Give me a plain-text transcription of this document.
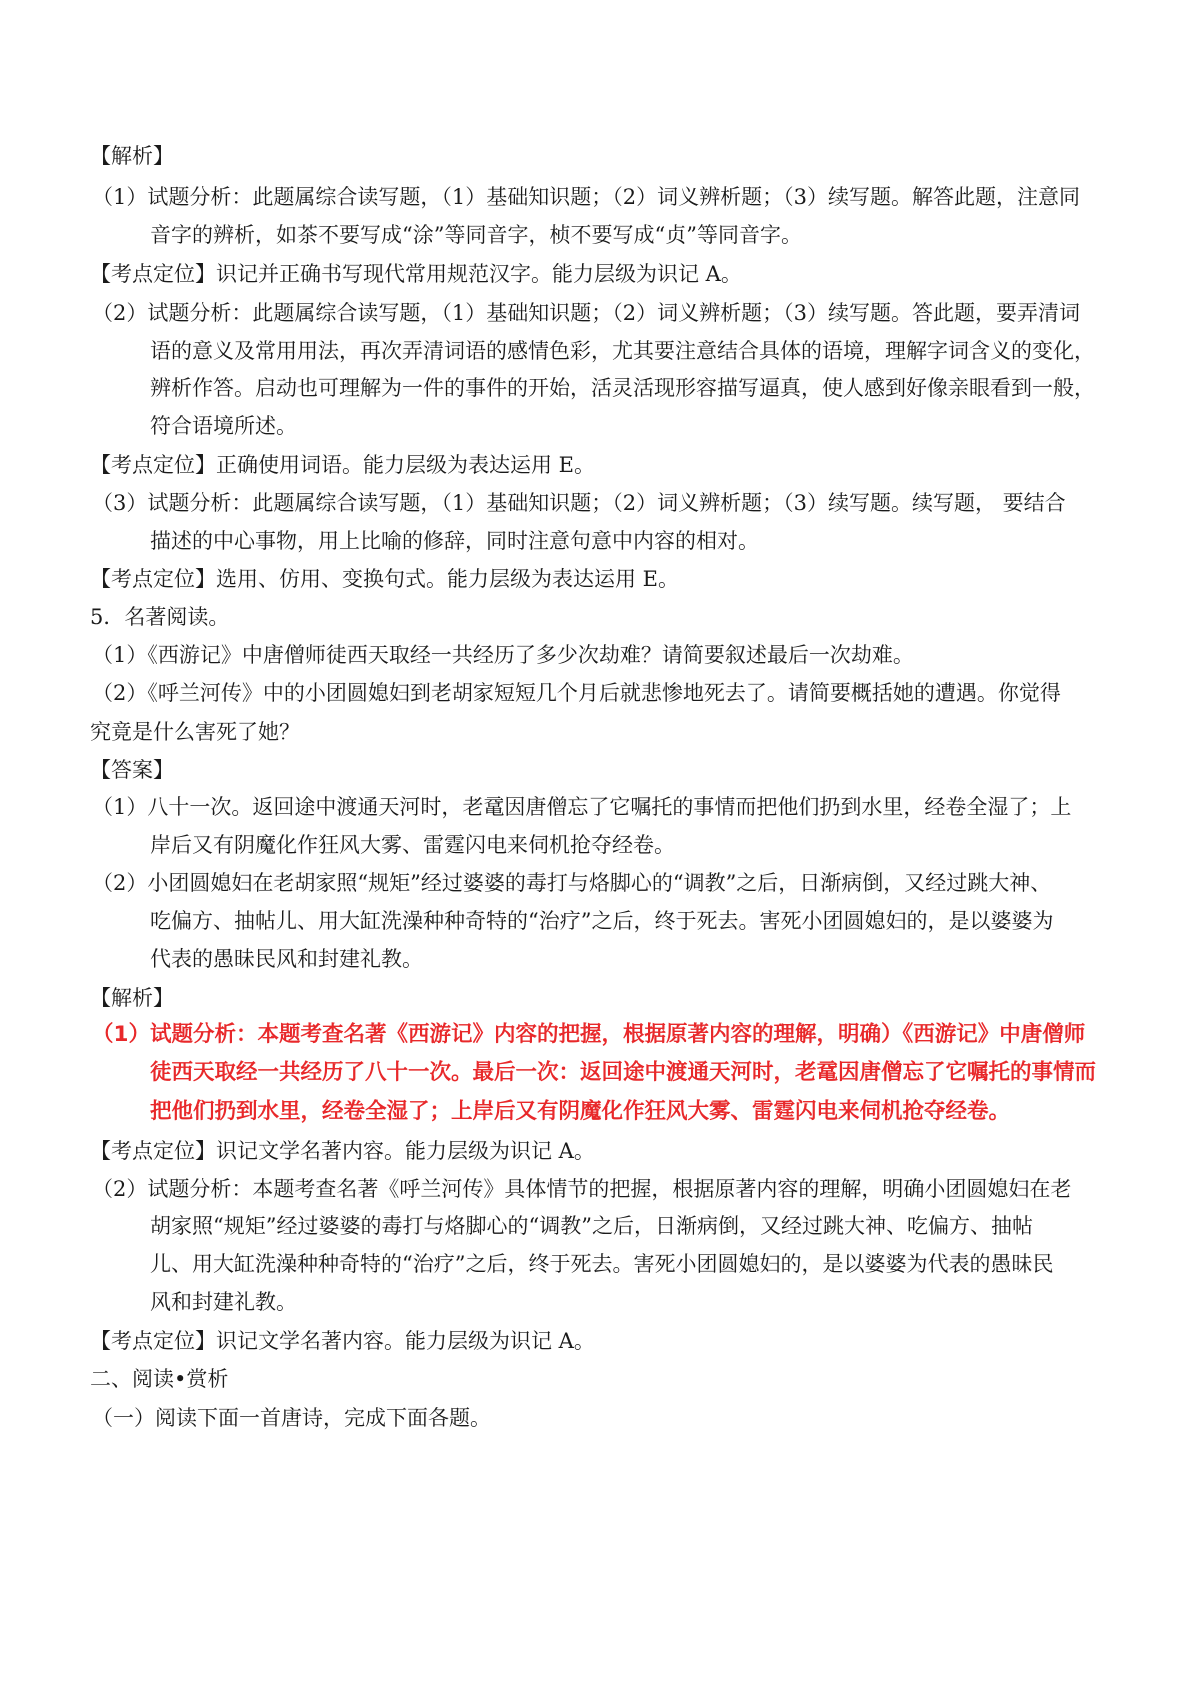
【解析】
（1）试题分析：此题属综合读写题，（1）基础知识题；（2）词义辨析题；（3）续写题。解答此题，注意同
音字的辨析，如茶不要写成“涂”等同音字，桢不要写成“贞”等同音字。
【考点定位】识记并正确书写现代常用规范汉字。能力层级为识记 A。
（2）试题分析：此题属综合读写题，（1）基础知识题；（2）词义辨析题；（3）续写题。答此题，要弄清词
语的意义及常用用法，再次弄清词语的感情色彩，尤其要注意结合具体的语境，理解字词含义的变化，
辨析作答。启动也可理解为一件的事件的开始，活灵活现形容描写逼真，使人感到好像亲眼看到一般，
符合语境所述。
【考点定位】正确使用词语。能力层级为表达运用 E。
（3）试题分析：此题属综合读写题，（1）基础知识题；（2）词义辨析题；（3）续写题。续写题， 要结合
描述的中心事物，用上比喻的修辞，同时注意句意中内容的相对。
【考点定位】选用、仿用、变换句式。能力层级为表达运用 E。
5．名著阅读。
（1）《西游记》中唐僧师徒西天取经一共经历了多少次劫难？请简要叙述最后一次劫难。
（2）《呼兰河传》中的小团圆媳妇到老胡家短短几个月后就悲惨地死去了。请简要概括她的遭遇。你觉得
究竟是什么害死了她？
【答案】
（1）八十一次。返回途中渡通天河时，老鼋因唐僧忘了它嘱托的事情而把他们扔到水里，经卷全湿了；上
岸后又有阴魔化作狂风大雾、雷霆闪电来伺机抢夺经卷。
（2）小团圆媳妇在老胡家照“规矩”经过婆婆的毒打与烙脚心的“调教”之后，日渐病倒，又经过跳大神、
吃偏方、抽帖儿、用大缸洗澡种种奇特的“治疗”之后，终于死去。害死小团圆媳妇的，是以婆婆为
代表的愚昧民风和封建礼教。
【解析】
（1）试题分析：本题考查名著《西游记》内容的把握，根据原著内容的理解，明确）《西游记》中唐僧师
徒西天取经一共经历了八十一次。最后一次：返回途中渡通天河时，老鼋因唐僧忘了它嘱托的事情而
把他们扔到水里，经卷全湿了；上岸后又有阴魔化作狂风大雾、雷霆闪电来伺机抢夺经卷。
【考点定位】识记文学名著内容。能力层级为识记 A。
（2）试题分析：本题考查名著《呼兰河传》具体情节的把握，根据原著内容的理解，明确小团圆媳妇在老
胡家照“规矩”经过婆婆的毒打与烙脚心的“调教”之后，日渐病倒，又经过跳大神、吃偏方、抽帖
儿、用大缸洗澡种种奇特的“治疗”之后，终于死去。害死小团圆媳妇的，是以婆婆为代表的愚昧民
风和封建礼教。
【考点定位】识记文学名著内容。能力层级为识记 A。
二、阅读•赏析
（一）阅读下面一首唐诗，完成下面各题。
